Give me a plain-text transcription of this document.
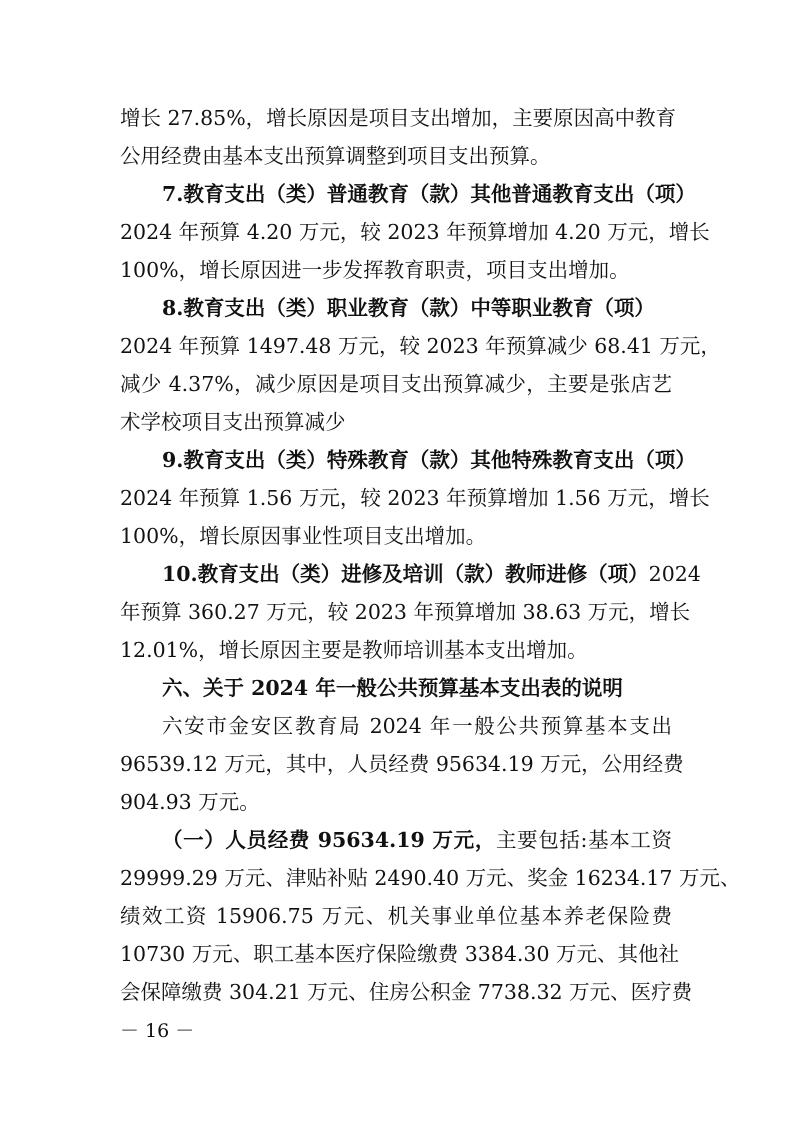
增长 27.85%，增长原因是项目支出增加，主要原因高中教育
公用经费由基本支出预算调整到项目支出预算。
7.教育支出（类）普通教育（款）其他普通教育支出（项）
2024 年预算 4.20 万元，较 2023 年预算增加 4.20 万元，增长
100%，增长原因进一步发挥教育职责，项目支出增加。
8.教育支出（类）职业教育（款）中等职业教育（项）
2024 年预算 1497.48 万元，较 2023 年预算减少 68.41 万元，
减少 4.37%，减少原因是项目支出预算减少，主要是张店艺
术学校项目支出预算减少
9.教育支出（类）特殊教育（款）其他特殊教育支出（项）
2024 年预算 1.56 万元，较 2023 年预算增加 1.56 万元，增长
100%，增长原因事业性项目支出增加。
10.教育支出（类）进修及培训（款）教师进修（项）2024
年预算 360.27 万元，较 2023 年预算增加 38.63 万元，增长
12.01%，增长原因主要是教师培训基本支出增加。
六、关于 2024 年一般公共预算基本支出表的说明
六安市金安区教育局 2024 年一般公共预算基本支出
96539.12 万元，其中，人员经费 95634.19 万元，公用经费
904.93 万元。
（一）人员经费 95634.19 万元，主要包括:基本工资
29999.29 万元、津贴补贴 2490.40 万元、奖金 16234.17 万元、
绩效工资 15906.75 万元、机关事业单位基本养老保险费
10730 万元、职工基本医疗保险缴费 3384.30 万元、其他社
会保障缴费 304.21 万元、住房公积金 7738.32 万元、医疗费
－ 16 －
